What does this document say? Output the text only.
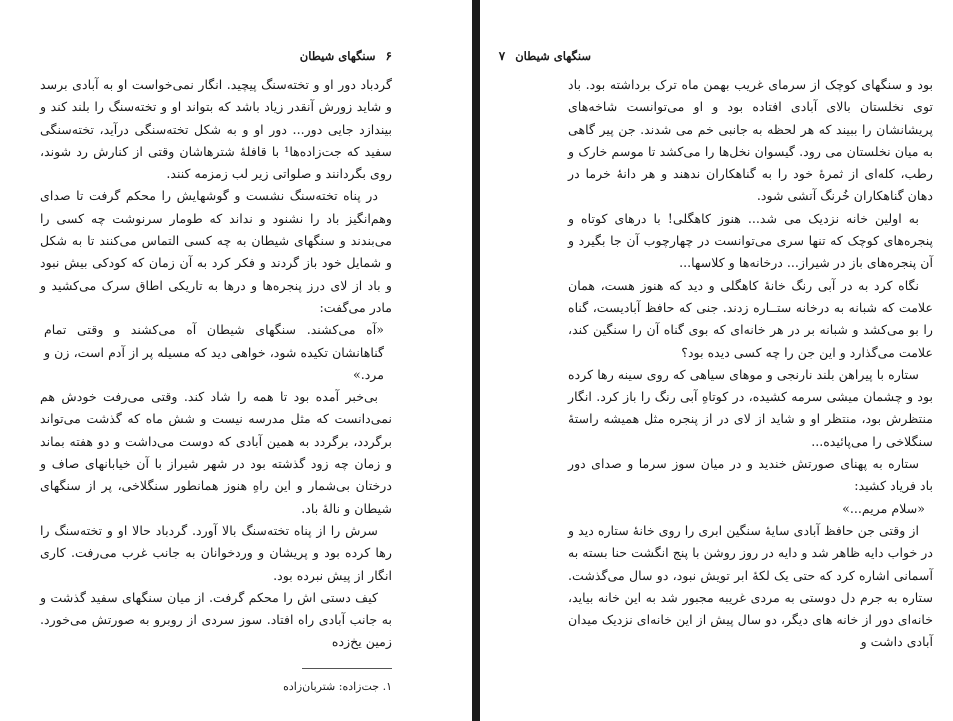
۶
سنگهای شیطان

گردباد دور او و تخته‌سنگ پیچید. انگار نمی‌خواست او به آبادی برسد و شاید زورش آنقدر زیاد باشد که بتواند او و تخته‌سنگ را بلند کند و بیندازد جایی دور... دور او و به شکل تخته‌سنگی درآید، تخته‌سنگی سفید که جت‌زاده‌ها¹ با قافلهٔ شترهاشان وقتی از کنارش رد شوند، روی بگردانند و صلواتی زیر لب زمزمه کنند.

در پناه تخته‌سنگ نشست و گوشهایش را محکم گرفت تا صدای وهم‌انگیز باد را نشنود و نداند که طومار سرنوشت چه کسی را می‌بندند و سنگهای شیطان به چه کسی التماس می‌کنند تا به شکل و شمایل خود باز گردند و فکر کرد به آن زمان که کودکی بیش نبود و باد از لای درز پنجره‌ها و درها به تاریکی اطاق سرک می‌کشید و مادر می‌گفت:

«آه می‌کشند. سنگهای شیطان آه می‌کشند و وقتی تمام گناهانشان تکیده شود، خواهی دید که مسیله پر از آدم است، زن و مرد.»

بی‌خبر آمده بود تا همه را شاد کند. وقتی می‌رفت خودش هم نمی‌دانست که مثل مدرسه نیست و شش ماه که گذشت می‌تواند برگردد، برگردد به همین آبادی که دوست می‌داشت و دو هفته بماند و زمان چه زود گذشته بود در شهر شیراز با آن خیابانهای صاف و درختان بی‌شمار و این راهِ هنوز همانطور سنگلاخی، پر از سنگهای شیطان و نالهٔ باد.

سرش را از پناه تخته‌سنگ بالا آورد. گردباد حالا او و تخته‌سنگ را رها کرده بود و پریشان و وردخوانان به جانب غرب می‌رفت. کاری انگار از پیش نبرده بود.

کیف دستی اش را محکم گرفت. از میان سنگهای سفید گذشت و به جانب آبادی راه افتاد. سوز سردی از روبرو به صورتش می‌خورد. زمین یخ‌زده

۱. جت‌زاده: شتربان‌زاده
سنگهای شیطان
۷

بود و سنگهای کوچک از سرمای غریب بهمن ماه ترک برداشته بود. باد توی نخلستان بالای آبادی افتاده بود و او می‌توانست شاخه‌های پریشانشان را ببیند که هر لحظه به جانبی خم می شدند. جن پیر گاهی به میان نخلستان می رود. گیسوان نخل‌ها را می‌کشد تا موسم خارک و رطب، کله‌ای از ثمرهٔ خود را به گناهکاران ندهند و هر دانهٔ خرما در دهان گناهکاران خُرنگ آتشی شود.

به اولین خانه نزدیک می شد... هنوز کاهگلی! با درهای کوتاه و پنجره‌های کوچک که تنها سری می‌توانست در چهارچوب آن جا بگیرد و آن پنجره‌های باز در شیراز... درخانه‌ها و کلاسها...

نگاه کرد به در آبی رنگ خانهٔ کاهگلی و دید که هنوز هست، همان علامت که شبانه به درخانه ستــاره زدند. جنی که حافظ آبادیست، گناه را بو می‌کشد و شبانه بر در هر خانه‌ای که بوی گناه آن را سنگین کند، علامت می‌گذارد و این جن را چه کسی دیده بود؟

ستاره با پیراهن بلند نارنجی و موهای سیاهی که روی سینه رها کرده بود و چشمان میشی سرمه کشیده، در کوتاهِ آبی رنگ را باز کرد. انگار منتظرش بود، منتظر او و شاید از لای در از پنجره مثل همیشه راستهٔ سنگلاخی را می‌پائیده...

ستاره به پهنای صورتش خندید و در میان سوز سرما و صدای دور باد فریاد کشید:

«سلام مریم...»

از وقتی جن حافظ آبادی سایهٔ سنگین ابری را روی خانهٔ ستاره دید و در خواب دایه ظاهر شد و دایه در روز روشن با پنج انگشت حنا بسته به آسمانی اشاره کرد که حتی یک لکهٔ ابر تویش نبود، دو سال می‌گذشت. ستاره به جرم دل دوستی به مردی غریبه مجبور شد به این خانه بیاید، خانه‌ای دور از خانه های دیگر، دو سال پیش از این خانه‌ای نزدیک میدان آبادی داشت و
